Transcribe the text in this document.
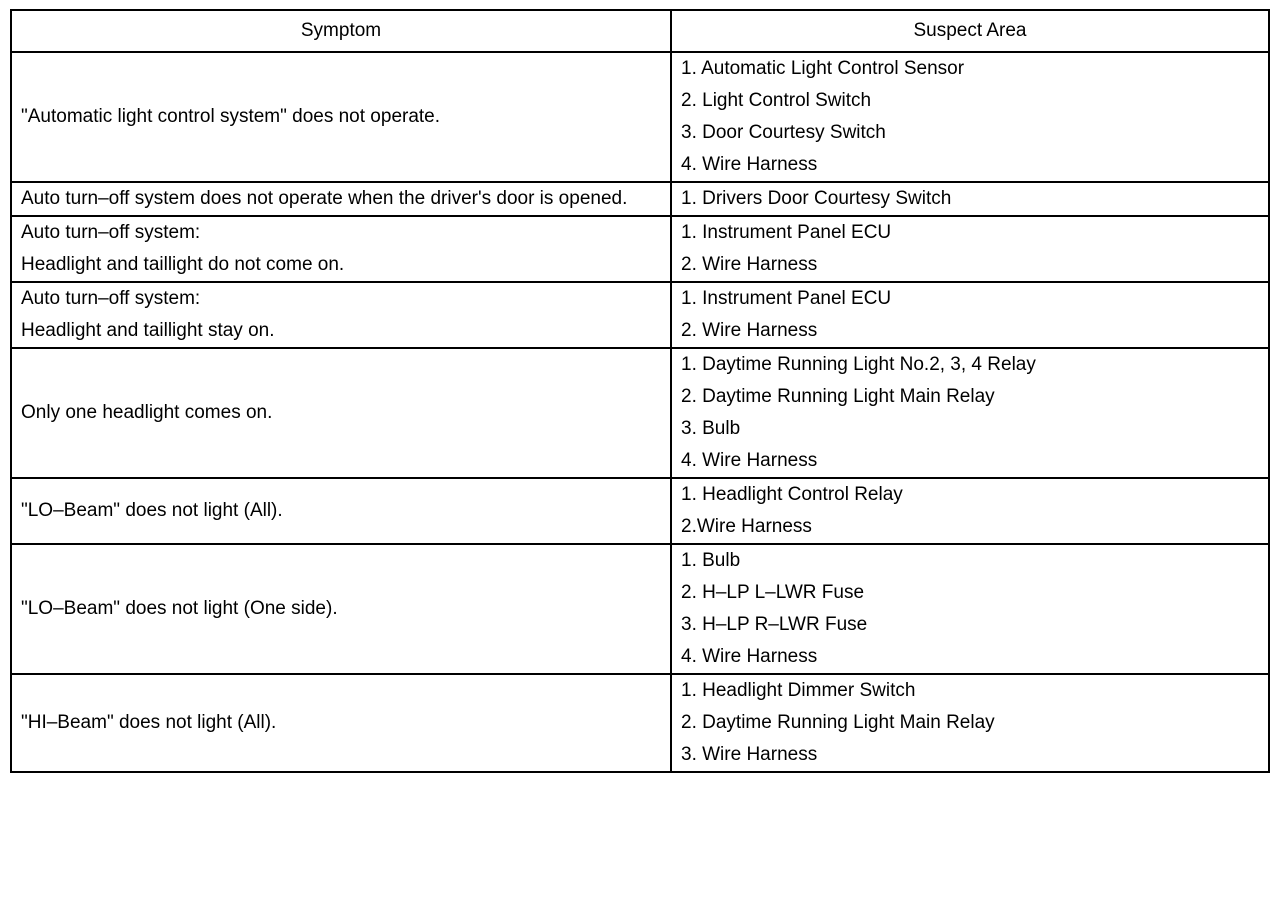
Symptom	Suspect Area

"Automatic light control system" does not operate.	1. Automatic Light Control Sensor
2. Light Control Switch
3. Door Courtesy Switch
4. Wire Harness

Auto turn–off system does not operate when the driver's door is opened.	1. Drivers Door Courtesy Switch

Auto turn–off system:
Headlight and taillight do not come on.	1. Instrument Panel ECU
2. Wire Harness

Auto turn–off system:
Headlight and taillight stay on.	1. Instrument Panel ECU
2. Wire Harness

Only one headlight comes on.	1. Daytime Running Light No.2, 3, 4 Relay
2. Daytime Running Light Main Relay
3. Bulb
4. Wire Harness

"LO–Beam" does not light (All).	1. Headlight Control Relay
2.Wire Harness

"LO–Beam" does not light (One side).	1. Bulb
2. H–LP L–LWR Fuse
3. H–LP R–LWR Fuse
4. Wire Harness

"HI–Beam" does not light (All).	1. Headlight Dimmer Switch
2. Daytime Running Light Main Relay
3. Wire Harness
